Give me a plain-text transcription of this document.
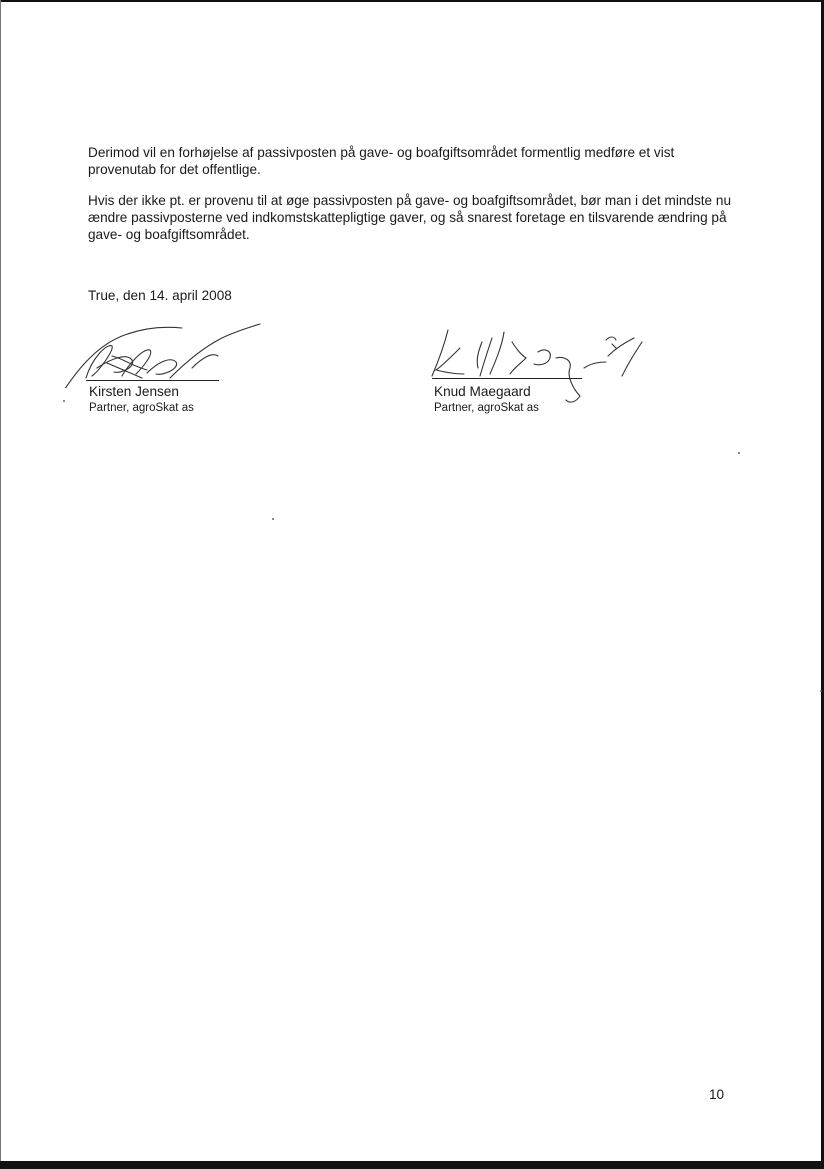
Derimod vil en forhøjelse af passivposten på gave- og boafgiftsområdet formentlig medføre et vist provenutab for det offentlige.

Hvis der ikke pt. er provenu til at øge passivposten på gave- og boafgiftsområdet, bør man i det mindste nu ændre passivposterne ved indkomstskattepligtige gaver, og så snarest foretage en tilsvarende ændring på gave- og boafgiftsområdet.

True, den 14. april 2008

Kirsten Jensen
Partner, agroSkat as
Knud Maegaard
Partner, agroSkat as
10
